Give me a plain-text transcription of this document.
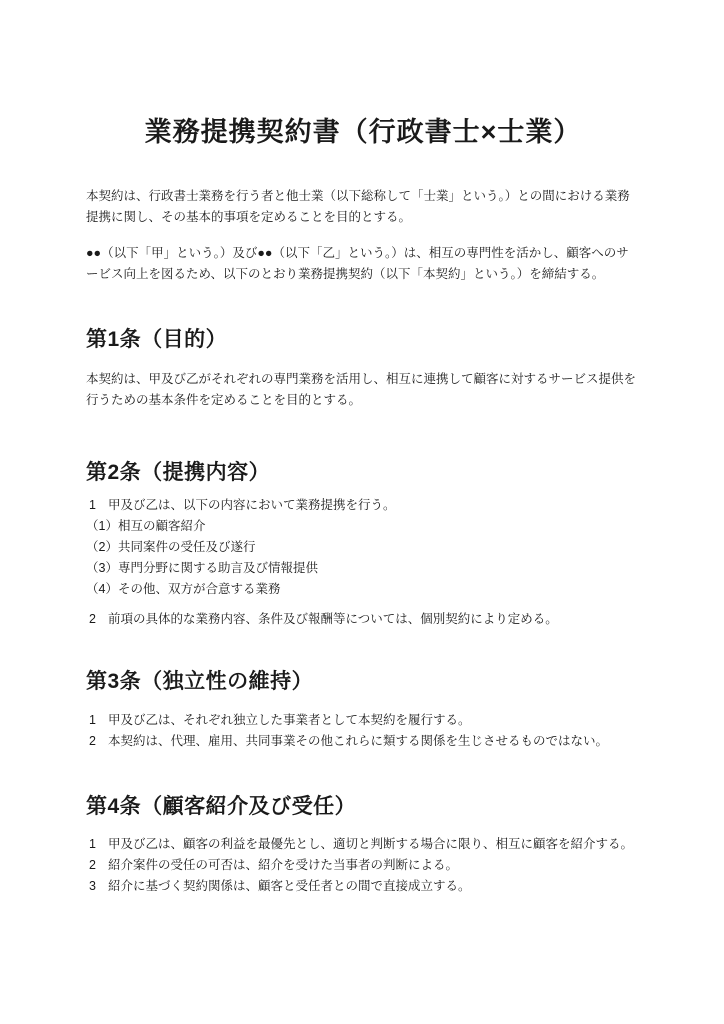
業務提携契約書（行政書士×士業）

本契約は、行政書士業務を行う者と他士業（以下総称して「士業」という。）との間における業務提携に関し、その基本的事項を定めることを目的とする。

●●（以下「甲」という。）及び●●（以下「乙」という。）は、相互の専門性を活かし、顧客へのサービス向上を図るため、以下のとおり業務提携契約（以下「本契約」という。）を締結する。

第1条（目的）

本契約は、甲及び乙がそれぞれの専門業務を活用し、相互に連携して顧客に対するサービス提供を行うための基本条件を定めることを目的とする。

第2条（提携内容）
1 甲及び乙は、以下の内容において業務提携を行う。
（1）相互の顧客紹介
（2）共同案件の受任及び遂行
（3）専門分野に関する助言及び情報提供
（4）その他、双方が合意する業務
2 前項の具体的な業務内容、条件及び報酬等については、個別契約により定める。
第3条（独立性の維持）
1 甲及び乙は、それぞれ独立した事業者として本契約を履行する。
2 本契約は、代理、雇用、共同事業その他これらに類する関係を生じさせるものではない。
第4条（顧客紹介及び受任）
1 甲及び乙は、顧客の利益を最優先とし、適切と判断する場合に限り、相互に顧客を紹介する。
2 紹介案件の受任の可否は、紹介を受けた当事者の判断による。
3 紹介に基づく契約関係は、顧客と受任者との間で直接成立する。
